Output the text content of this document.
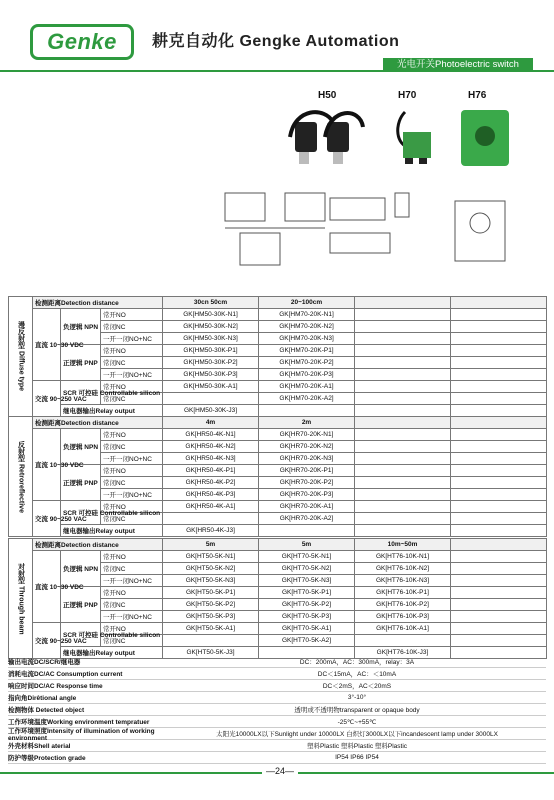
Genke	耕克自动化 Gengke Automation
光电开关Photoelectric switch
H50	H70	H76
漫反射型 Diffuse type	检测距离Detection distance			30cn 50cm	20~100cm		
	直流 10~30 VDC	负逻辑 NPN	常开NO	GK[HM50-30K-N1]	GK[HM70-20K-N1]		
			常闭NC	GK[HM50-30K-N2]	GK[HM70-20K-N2]		
			一开一闭NO+NC	GK[HM50-30K-N3]	GK[HM70-20K-N3]		
		正逻辑 PNP	常开NO	GK[HM50-30K-P1]	GK[HM70-20K-P1]		
			常闭NC	GK[HM50-30K-P2]	GK[HM70-20K-P2]		
			一开一闭NO+NC	GK[HM50-30K-P3]	GK[HM70-20K-P3]		
	交流 90~250 VAC	SCR 可控硅 Controllable silicon	常开NO	GK[HM50-30K-A1]	GK[HM70-20K-A1]		
			常闭NC		GK[HM70-20K-A2]		
		继电器输出Relay output		GK[HM50-30K-J3]			
反射型 Retroreflective	检测距离Detection distance			4m	2m		
	直流 10~30 VDC	负逻辑 NPN	常开NO	GK[HR50-4K-N1]	GK[HR70-20K-N1]		
			常闭NC	GK[HR50-4K-N2]	GK[HR70-20K-N2]		
			一开一闭NO+NC	GK[HR50-4K-N3]	GK[HR70-20K-N3]		
		正逻辑 PNP	常开NO	GK[HR50-4K-P1]	GK[HR70-20K-P1]		
			常闭NC	GK[HR50-4K-P2]	GK[HR70-20K-P2]		
			一开一闭NO+NC	GK[HR50-4K-P3]	GK[HR70-20K-P3]		
	交流 90~250 VAC	SCR 可控硅 Controllable silicon	常开NO	GK[HR50-4K-A1]	GK[HR70-20K-A1]		
			常闭NC		GK[HR70-20K-A2]		
		继电器输出Relay output		GK[HR50-4K-J3]			
对射型 Through beam	检测距离Detection distance			5m	5m	10m~50m	
	直流 10~30 VDC	负逻辑 NPN	常开NO	GK[HT50-5K-N1]	GK[HT70-5K-N1]	GK[HT76-10K-N1]	
			常闭NC	GK[HT50-5K-N2]	GK[HT70-5K-N2]	GK[HT76-10K-N2]	
			一开一闭NO+NC	GK[HT50-5K-N3]	GK[HT70-5K-N3]	GK[HT76-10K-N3]	
		正逻辑 PNP	常开NO	GK[HT50-5K-P1]	GK[HT70-5K-P1]	GK[HT76-10K-P1]	
			常闭NC	GK[HT50-5K-P2]	GK[HT70-5K-P2]	GK[HT76-10K-P2]	
			一开一闭NO+NC	GK[HT50-5K-P3]	GK[HT70-5K-P3]	GK[HT76-10K-P3]	
	交流 90~250 VAC	SCR 可控硅 Controllable silicon	常开NO	GK[HT50-5K-A1]	GK[HT70-5K-A1]	GK[HT76-10K-A1]	
			常闭NC		GK[HT70-5K-A2]		
		继电器输出Relay output		GK[HT50-5K-J3]		GK[HT76-10K-J3]	
输出电流DC/SCR/继电器	DC：200mA，AC：300mA，relay：3A
消耗电流DC/AC Consumption current	DC＜15mA，AC：＜10mA
响应时间DC/AC Response time	DC＜2mS，AC＜20mS
指向角Dirêtional angle	3°-10°
检测物体 Detected object	透明或不透明物transparent or opaque body
工作环境温度Working environment tempratuer	-25℃~+55℃
工作环境照度Intensity of illumination of working environment	太阳光10000LX以下Sunlight under 10000LX 白炽灯3000LX以下incandescent lamp under 3000LX
外壳材料Shell aterial	塑料Plastic 塑料Plastic 塑料Plastic
防护等级Protection grade	IP54 IP66 IP54
—24—
